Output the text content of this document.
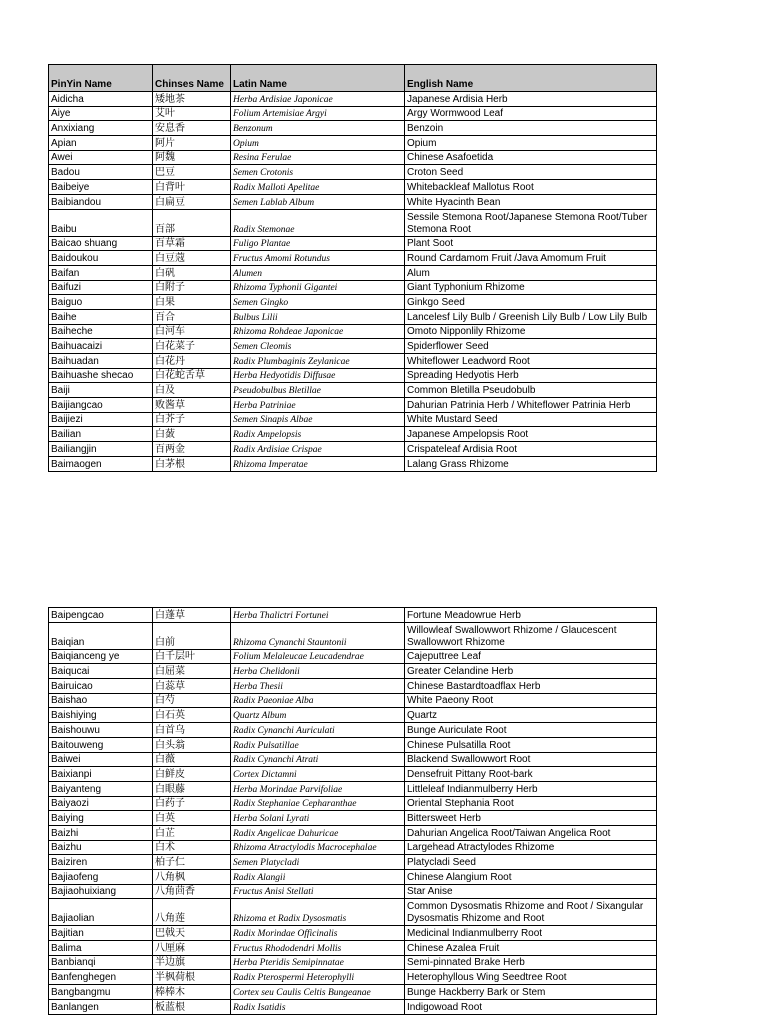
PinYin Name	Chinses Name	Latin Name	English Name
Aidicha	矮地茶	Herba Ardisiae Japonicae	Japanese Ardisia Herb
Aiye	艾叶	Folium Artemisiae Argyi	Argy Wormwood Leaf
Anxixiang	安息香	Benzonum	Benzoin
Apian	阿片	Opium	Opium
Awei	阿魏	Resina Ferulae	Chinese Asafoetida
Badou	巴豆	Semen Crotonis	Croton Seed
Baibeiye	白背叶	Radix Malloti Apelitae	Whitebackleaf Mallotus Root
Baibiandou	白扁豆	Semen Lablab Album	White Hyacinth Bean
Baibu	百部	Radix Stemonae	Sessile Stemona Root/Japanese Stemona Root/Tuber Stemona Root
Baicao shuang	百草霜	Fuligo Plantae	Plant Soot
Baidoukou	白豆蔻	Fructus Amomi Rotundus	Round Cardamom Fruit /Java Amomum Fruit
Baifan	白矾	Alumen	Alum
Baifuzi	白附子	Rhizoma Typhonii Gigantei	Giant Typhonium Rhizome
Baiguo	白果	Semen Gingko	Ginkgo Seed
Baihe	百合	Bulbus Lilii	Lancelesf Lily Bulb / Greenish Lily Bulb / Low Lily Bulb
Baiheche	白河车	Rhizoma Rohdeae Japonicae	Omoto Nipponlily Rhizome
Baihuacaizi	白花菜子	Semen Cleomis	Spiderflower Seed
Baihuadan	白花丹	Radix Plumbaginis Zeylanicae	Whiteflower Leadword Root
Baihuashe shecao	白花蛇舌草	Herba Hedyotidis Diffusae	Spreading Hedyotis Herb
Baiji	白及	Pseudobulbus Bletillae	Common Bletilla Pseudobulb
Baijiangcao	败酱草	Herba Patriniae	Dahurian Patrinia Herb / Whiteflower Patrinia Herb
Baijiezi	白芥子	Semen Sinapis Albae	White Mustard Seed
Bailian	白蔹	Radix Ampelopsis	Japanese Ampelopsis Root
Bailiangjin	百两金	Radix Ardisiae Crispae	Crispateleaf Ardisia Root
Baimaogen	白茅根	Rhizoma Imperatae	Lalang Grass Rhizome
Baipengcao	白蓬草	Herba Thalictri Fortunei	Fortune Meadowrue Herb
Baiqian	白前	Rhizoma Cynanchi Stauntonii	Willowleaf Swallowwort Rhizome / Glaucescent Swallowwort Rhizome
Baiqianceng ye	白千层叶	Folium Melaleucae Leucadendrae	Cajeputtree Leaf
Baiqucai	白屈菜	Herba Chelidonii	Greater Celandine Herb
Bairuicao	白蕊草	Herba Thesii	Chinese Bastardtoadflax Herb
Baishao	白芍	Radix Paeoniae Alba	White Paeony Root
Baishiying	白石英	Quartz Album	Quartz
Baishouwu	白首乌	Radix Cynanchi Auriculati	Bunge Auriculate Root
Baitouweng	白头翁	Radix Pulsatillae	Chinese Pulsatilla Root
Baiwei	白薇	Radix Cynanchi Atrati	Blackend Swallowwort Root
Baixianpi	白鲜皮	Cortex Dictamni	Densefruit Pittany Root-bark
Baiyanteng	白眼藤	Herba Morindae Parvifoliae	Littleleaf Indianmulberry Herb
Baiyaozi	白药子	Radix Stephaniae Cepharanthae	Oriental Stephania Root
Baiying	白英	Herba Solani Lyrati	Bittersweet Herb
Baizhi	白芷	Radix Angelicae Dahuricae	Dahurian Angelica Root/Taiwan Angelica Root
Baizhu	白术	Rhizoma Atractylodis Macrocephalae	Largehead Atractylodes Rhizome
Baiziren	柏子仁	Semen Platycladi	Platycladi Seed
Bajiaofeng	八角枫	Radix Alangii	Chinese Alangium Root
Bajiaohuixiang	八角茴香	Fructus Anisi Stellati	Star Anise
Bajiaolian	八角莲	Rhizoma et Radix Dysosmatis	Common Dysosmatis Rhizome and Root / Sixangular Dysosmatis Rhizome and Root
Bajitian	巴戟天	Radix Morindae Officinalis	Medicinal Indianmulberry Root
Balima	八厘麻	Fructus Rhododendri Mollis	Chinese Azalea Fruit
Banbianqi	半边旗	Herba Pteridis Semipinnatae	Semi-pinnated Brake Herb
Banfenghegen	半枫荷根	Radix Pterospermi Heterophylli	Heterophyllous Wing Seedtree Root
Bangbangmu	棒棒木	Cortex seu Caulis Celtis Bungeanae	Bunge Hackberry Bark or Stem
Banlangen	板蓝根	Radix Isatidis	Indigowoad Root
